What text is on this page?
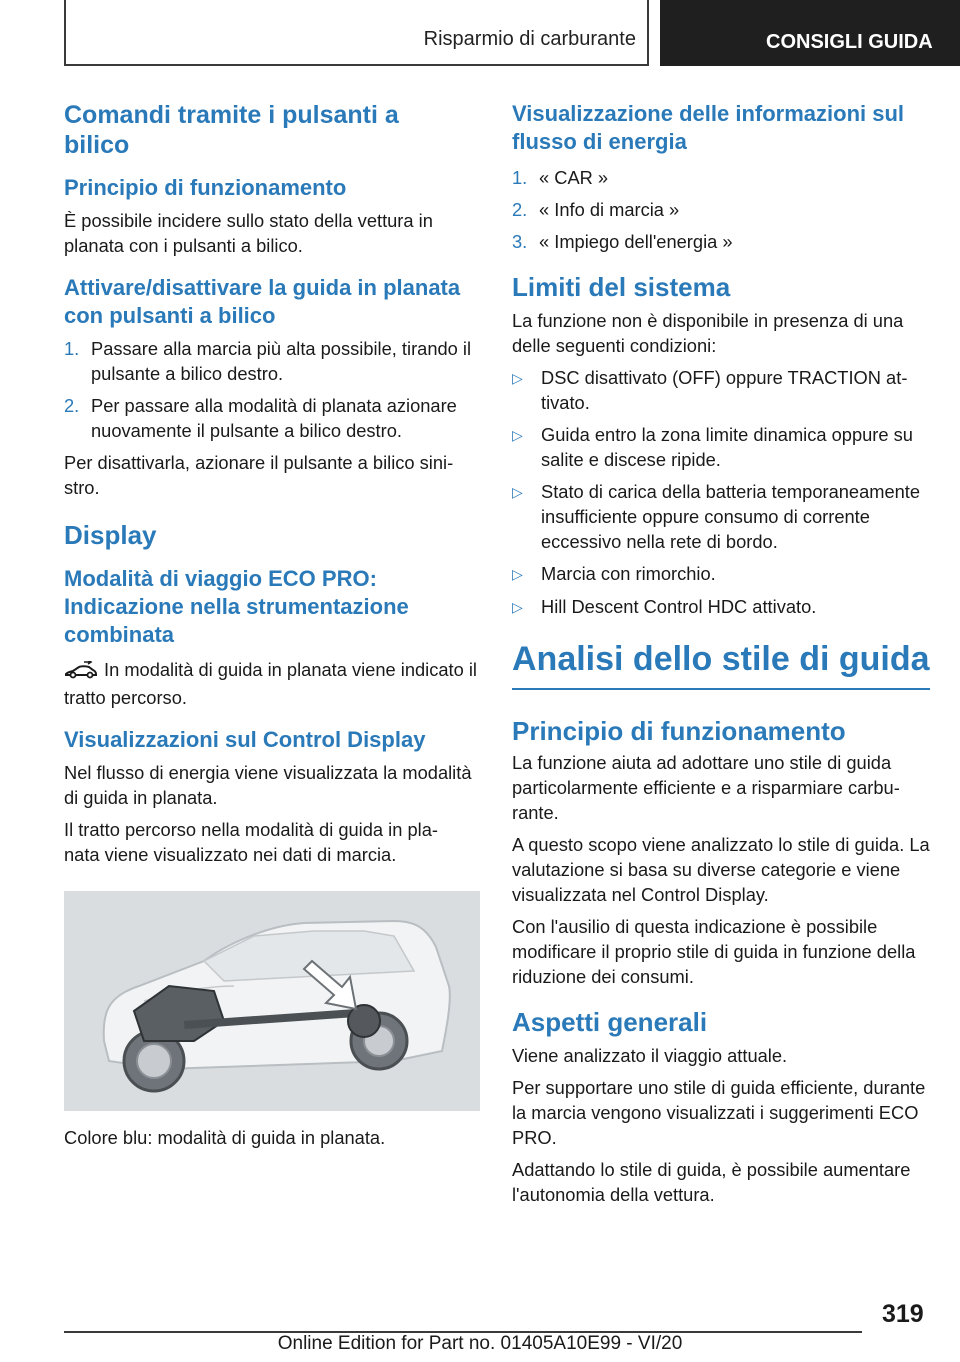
Risparmio di carburante	CONSIGLI GUIDA
Comandi tramite i pulsanti a bilico
Principio di funzionamento
È possibile incidere sullo stato della vettura in planata con i pulsanti a bilico.
Attivare/disattivare la guida in planata con pulsanti a bilico
1. Passare alla marcia più alta possibile, tirando il pulsante a bilico destro.
2. Per passare alla modalità di planata azionare nuovamente il pulsante a bilico destro.
Per disattivarla, azionare il pulsante a bilico sinistro.
Display
Modalità di viaggio ECO PRO: Indicazione nella strumentazione combinata
In modalità di guida in planata viene indicato il tratto percorso.
Visualizzazioni sul Control Display
Nel flusso di energia viene visualizzata la modalità di guida in planata.
Il tratto percorso nella modalità di guida in planata viene visualizzato nei dati di marcia.
Colore blu: modalità di guida in planata.
Visualizzazione delle informazioni sul flusso di energia
1. « CAR »
2. « Info di marcia »
3. « Impiego dell'energia »
Limiti del sistema
La funzione non è disponibile in presenza di una delle seguenti condizioni:
▷ DSC disattivato (OFF) oppure TRACTION attivato.
▷ Guida entro la zona limite dinamica oppure su salite e discese ripide.
▷ Stato di carica della batteria temporaneamente insufficiente oppure consumo di corrente eccessivo nella rete di bordo.
▷ Marcia con rimorchio.
▷ Hill Descent Control HDC attivato.
Analisi dello stile di guida
Principio di funzionamento
La funzione aiuta ad adottare uno stile di guida particolarmente efficiente e a risparmiare carburante.
A questo scopo viene analizzato lo stile di guida. La valutazione si basa su diverse categorie e viene visualizzata nel Control Display.
Con l'ausilio di questa indicazione è possibile modificare il proprio stile di guida in funzione della riduzione dei consumi.
Aspetti generali
Viene analizzato il viaggio attuale.
Per supportare uno stile di guida efficiente, durante la marcia vengono visualizzati i suggerimenti ECO PRO.
Adattando lo stile di guida, è possibile aumentare l'autonomia della vettura.
319
Online Edition for Part no. 01405A10E99 - VI/20
